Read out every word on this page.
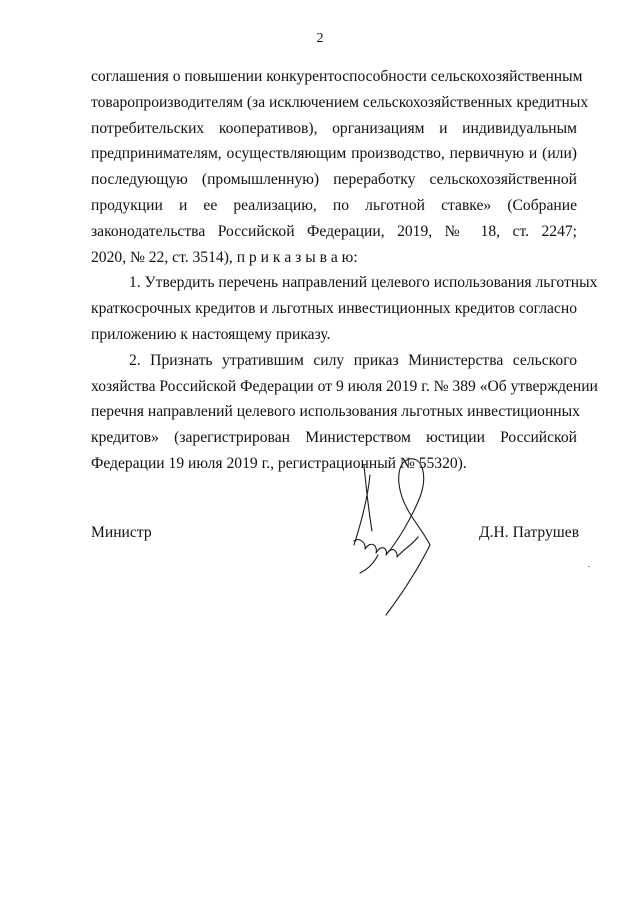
2
соглашения о повышении конкурентоспособности сельскохозяйственным
товаропроизводителям (за исключением сельскохозяйственных кредитных
потребительских кооперативов), организациям и индивидуальным
предпринимателям, осуществляющим производство, первичную и (или)
последующую (промышленную) переработку сельскохозяйственной
продукции и ее реализацию, по льготной ставке» (Собрание
законодательства Российской Федерации, 2019, № 18, ст. 2247;
2020, № 22, ст. 3514), п р и к а з ы в а ю:
1. Утвердить перечень направлений целевого использования льготных
краткосрочных кредитов и льготных инвестиционных кредитов согласно
приложению к настоящему приказу.
2. Признать утратившим силу приказ Министерства сельского
хозяйства Российской Федерации от 9 июля 2019 г. № 389 «Об утверждении
перечня направлений целевого использования льготных инвестиционных
кредитов» (зарегистрирован Министерством юстиции Российской
Федерации 19 июля 2019 г., регистрационный № 55320).
Министр	Д.Н. Патрушев
